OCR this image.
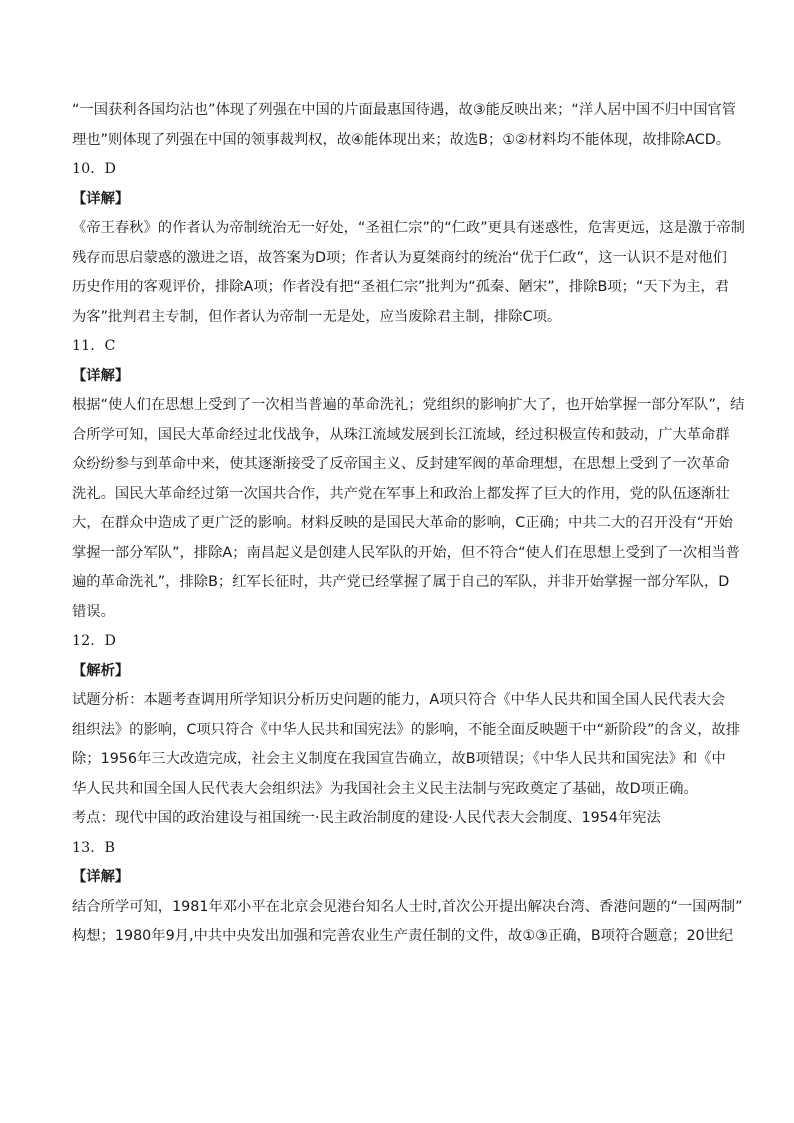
“一国获利各国均沾也”体现了列强在中国的片面最惠国待遇，故③能反映出来；“洋人居中国不归中国官管
理也”则体现了列强在中国的领事裁判权，故④能体现出来；故选B；①②材料均不能体现，故排除ACD。
10．D
【详解】
《帝王春秋》的作者认为帝制统治无一好处，“圣祖仁宗”的“仁政”更具有迷惑性，危害更远，这是激于帝制
残存而思启蒙惑的激进之语，故答案为D项；作者认为夏桀商纣的统治“优于仁政”，这一认识不是对他们
历史作用的客观评价，排除A项；作者没有把“圣祖仁宗”批判为“孤秦、陋宋”，排除B项；“天下为主，君
为客”批判君主专制，但作者认为帝制一无是处，应当废除君主制，排除C项。
11．C
【详解】
根据“使人们在思想上受到了一次相当普遍的革命洗礼；党组织的影响扩大了，也开始掌握一部分军队”，结
合所学可知，国民大革命经过北伐战争，从珠江流域发展到长江流域，经过积极宣传和鼓动，广大革命群
众纷纷参与到革命中来，使其逐渐接受了反帝国主义、反封建军阀的革命理想，在思想上受到了一次革命
洗礼。国民大革命经过第一次国共合作，共产党在军事上和政治上都发挥了巨大的作用，党的队伍逐渐壮
大，在群众中造成了更广泛的影响。材料反映的是国民大革命的影响，C正确；中共二大的召开没有“开始
掌握一部分军队”，排除A；南昌起义是创建人民军队的开始，但不符合“使人们在思想上受到了一次相当普
遍的革命洗礼”，排除B；红军长征时，共产党已经掌握了属于自己的军队，并非开始掌握一部分军队，D
错误。
12．D
【解析】
试题分析：本题考查调用所学知识分析历史问题的能力，A项只符合《中华人民共和国全国人民代表大会
组织法》的影响，C项只符合《中华人民共和国宪法》的影响，不能全面反映题干中“新阶段”的含义，故排
除；1956年三大改造完成，社会主义制度在我国宣告确立，故B项错误；《中华人民共和国宪法》和《中
华人民共和国全国人民代表大会组织法》为我国社会主义民主法制与宪政奠定了基础，故D项正确。
考点：现代中国的政治建设与祖国统一·民主政治制度的建设·人民代表大会制度、1954年宪法
13．B
【详解】
结合所学可知，1981年邓小平在北京会见港台知名人士时,首次公开提出解决台湾、香港问题的“一国两制”
构想；1980年9月,中共中央发出加强和完善农业生产责任制的文件，故①③正确，B项符合题意；20世纪
